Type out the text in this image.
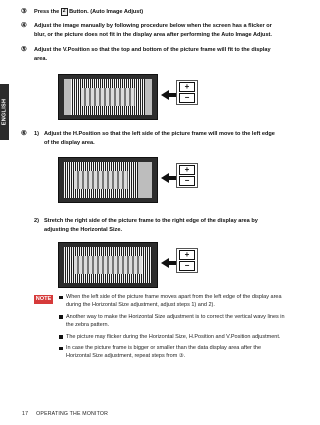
ENGLISH
③	Press the 2 Button. (Auto Image Adjust)
④	Adjust the image manually by following procedure below when the screen has a flicker or blur, or the picture does not fit in the display area after performing the Auto Image Adjust.
⑤	Adjust the V.Position so that the top and bottom of the picture frame will fit to the display area.
+
−
⑥ 1) Adjust the H.Position so that the left side of the picture frame will move to the left edge of the display area.
+
−
2) Stretch the right side of the picture frame to the right edge of the display area by adjusting the Horizontal Size.
+
−
NOTE	When the left side of the picture frame moves apart from the left edge of the display area during the Horizontal Size adjustment, adjust steps 1) and 2).
Another way to make the Horizontal Size adjustment is to correct the vertical wavy lines in the zebra pattern.
The picture may flicker during the Horizontal Size, H.Position and V.Position adjustment.
In case the picture frame is bigger or smaller than the data display area after the Horizontal Size adjustment, repeat steps from ③.
17 OPERATING THE MONITOR
